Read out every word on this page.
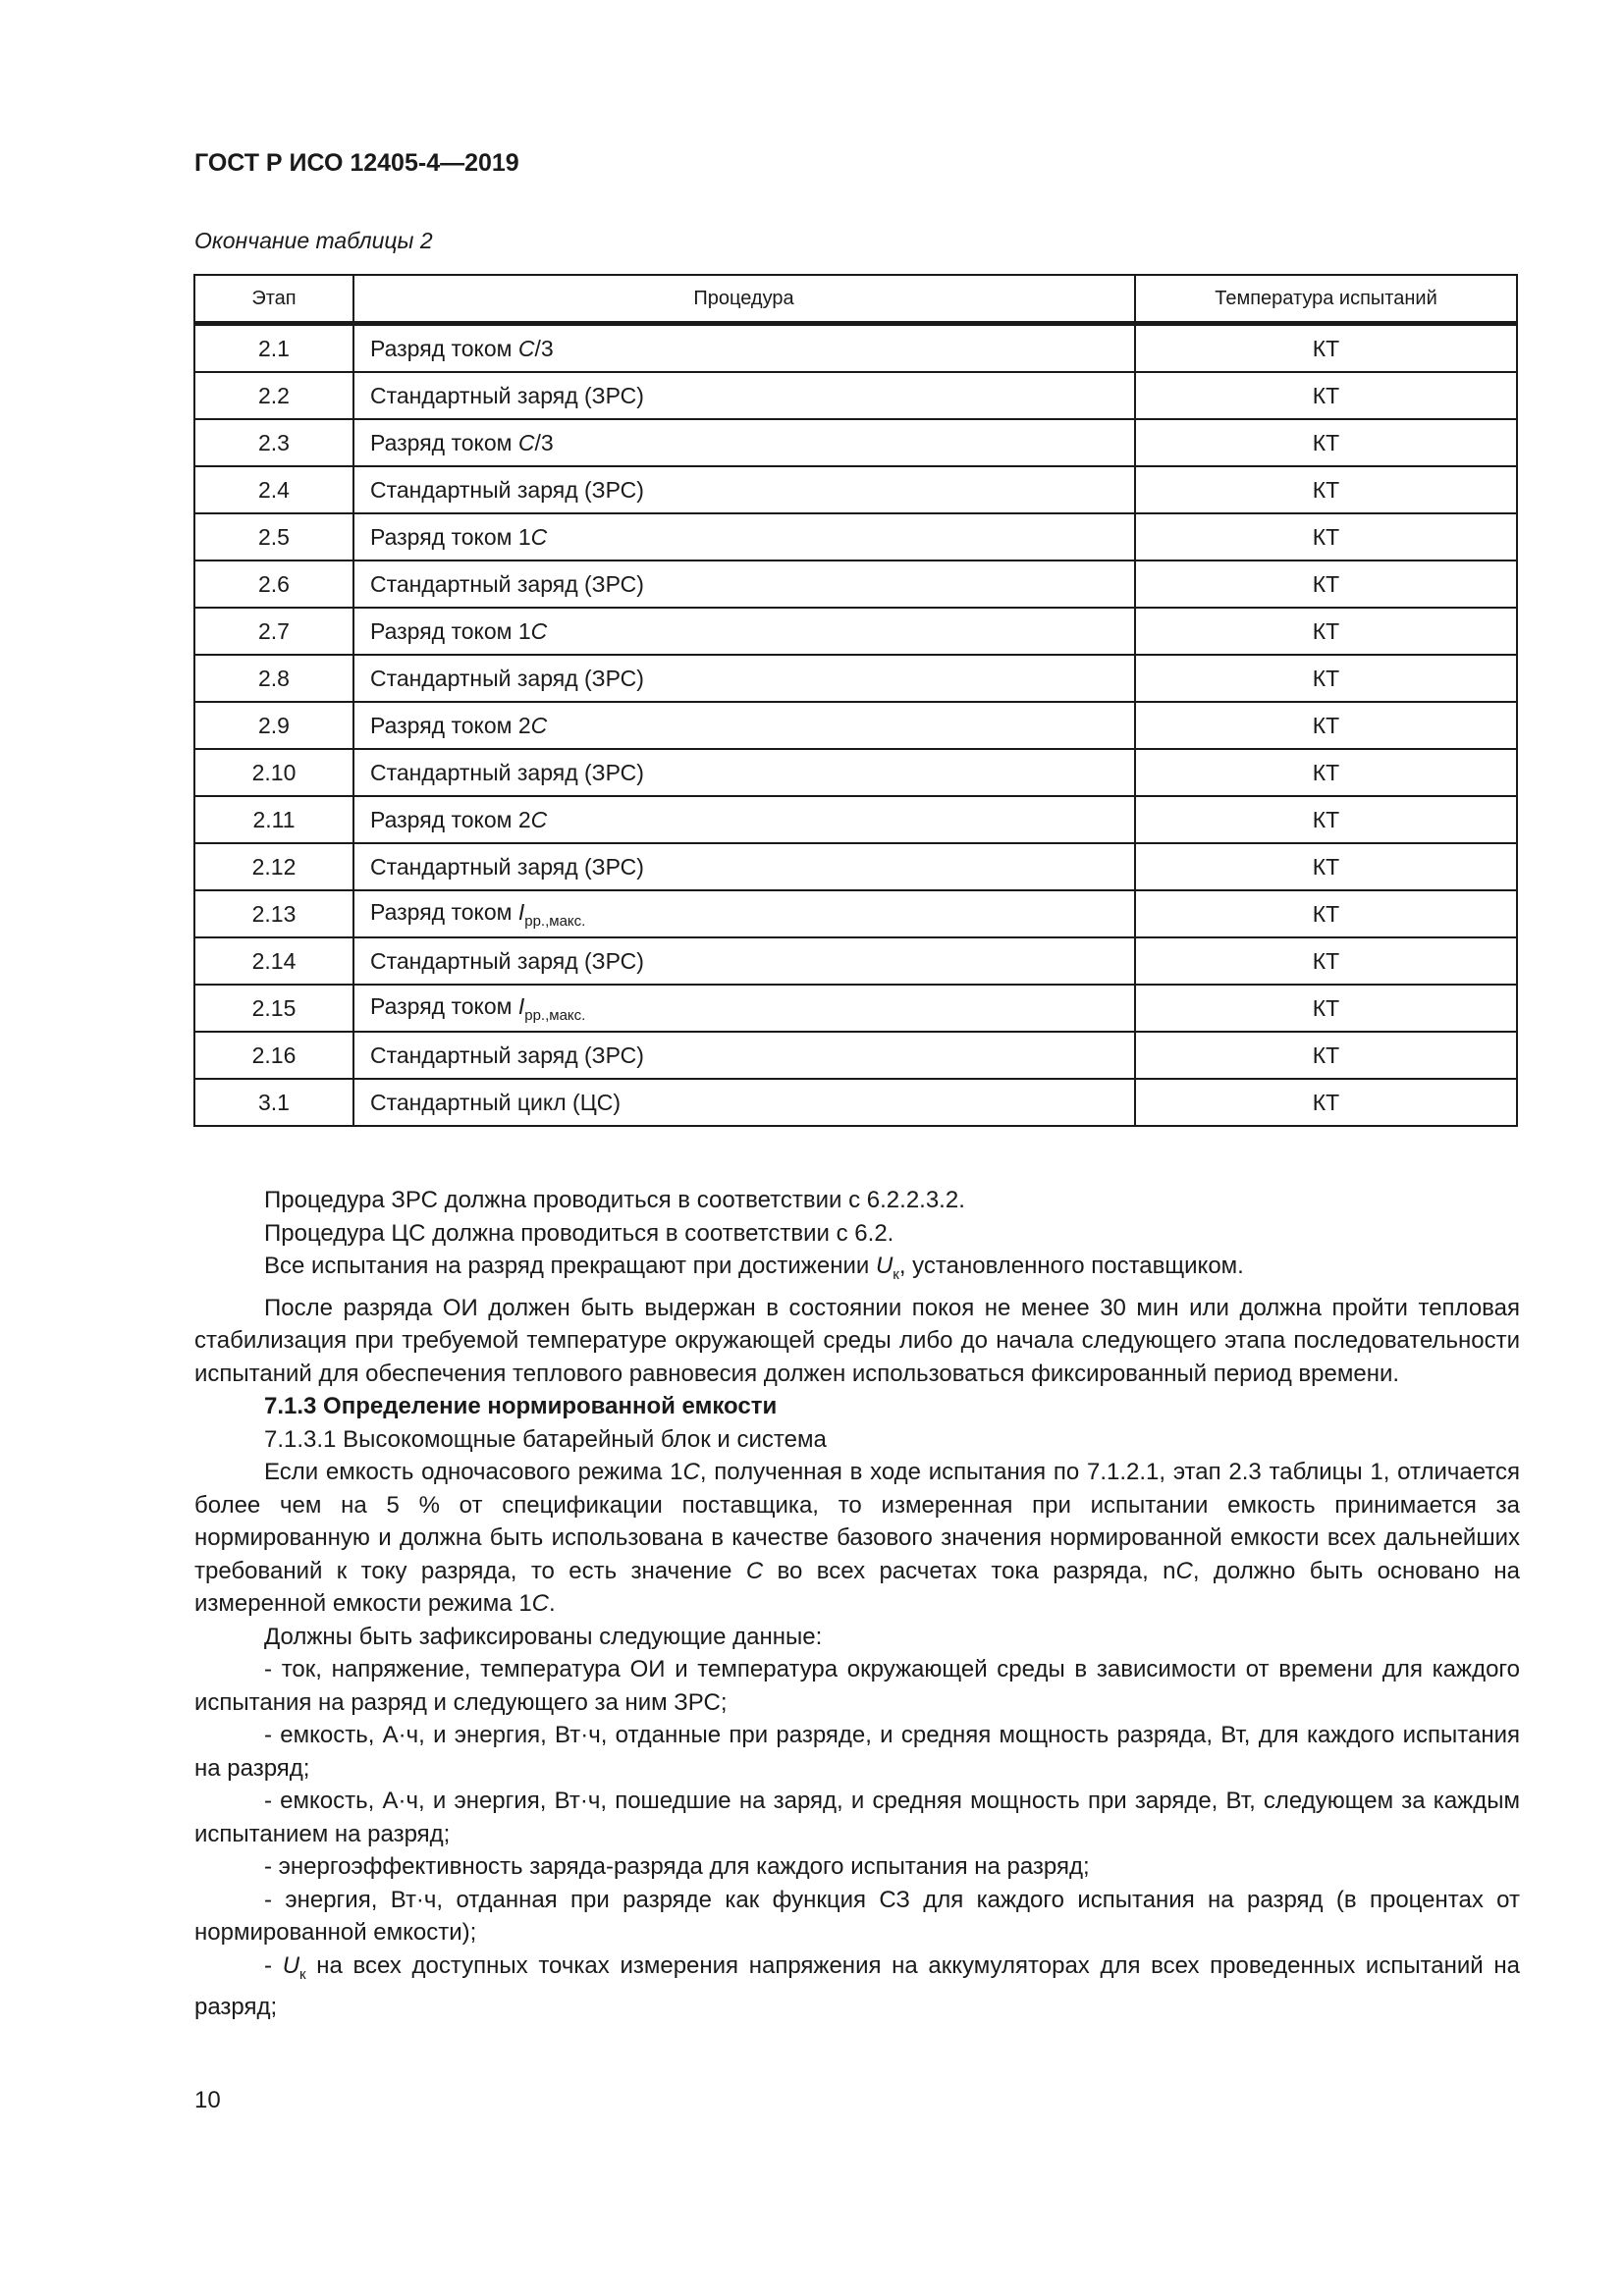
ГОСТ Р ИСО 12405-4—2019
Окончание таблицы 2
Этап	Процедура	Температура испытаний
2.1	Разряд током C/3	КТ
2.2	Стандартный заряд (ЗРС)	КТ
2.3	Разряд током C/3	КТ
2.4	Стандартный заряд (ЗРС)	КТ
2.5	Разряд током 1C	КТ
2.6	Стандартный заряд (ЗРС)	КТ
2.7	Разряд током 1C	КТ
2.8	Стандартный заряд (ЗРС)	КТ
2.9	Разряд током 2C	КТ
2.10	Стандартный заряд (ЗРС)	КТ
2.11	Разряд током 2C	КТ
2.12	Стандартный заряд (ЗРС)	КТ
2.13	Разряд током $I_{рр.,макс.}$	КТ
2.14	Стандартный заряд (ЗРС)	КТ
2.15	Разряд током $I_{рр.,макс.}$	КТ
2.16	Стандартный заряд (ЗРС)	КТ
3.1	Стандартный цикл (ЦС)	КТ
Процедура ЗРС должна проводиться в соответствии с 6.2.2.3.2.
Процедура ЦС должна проводиться в соответствии с 6.2.
Все испытания на разряд прекращают при достижении $U_к$, установленного поставщиком.
После разряда ОИ должен быть выдержан в состоянии покоя не менее 30 мин или должна пройти тепловая стабилизация при требуемой температуре окружающей среды либо до начала следующего этапа последовательности испытаний для обеспечения теплового равновесия должен использоваться фиксированный период времени.
7.1.3 Определение нормированной емкости
7.1.3.1 Высокомощные батарейный блок и система
Если емкость одночасового режима 1C, полученная в ходе испытания по 7.1.2.1, этап 2.3 таблицы 1, отличается более чем на 5 % от спецификации поставщика, то измеренная при испытании емкость принимается за нормированную и должна быть использована в качестве базового значения нормированной емкости всех дальнейших требований к току разряда, то есть значение C во всех расчетах тока разряда, nC, должно быть основано на измеренной емкости режима 1C.
Должны быть зафиксированы следующие данные:
- ток, напряжение, температура ОИ и температура окружающей среды в зависимости от времени для каждого испытания на разряд и следующего за ним ЗРС;
- емкость, А·ч, и энергия, Вт·ч, отданные при разряде, и средняя мощность разряда, Вт, для каждого испытания на разряд;
- емкость, А·ч, и энергия, Вт·ч, пошедшие на заряд, и средняя мощность при заряде, Вт, следующем за каждым испытанием на разряд;
- энергоэффективность заряда-разряда для каждого испытания на разряд;
- энергия, Вт·ч, отданная при разряде как функция СЗ для каждого испытания на разряд (в процентах от нормированной емкости);
- $U_к$ на всех доступных точках измерения напряжения на аккумуляторах для всех проведенных испытаний на разряд;
10
